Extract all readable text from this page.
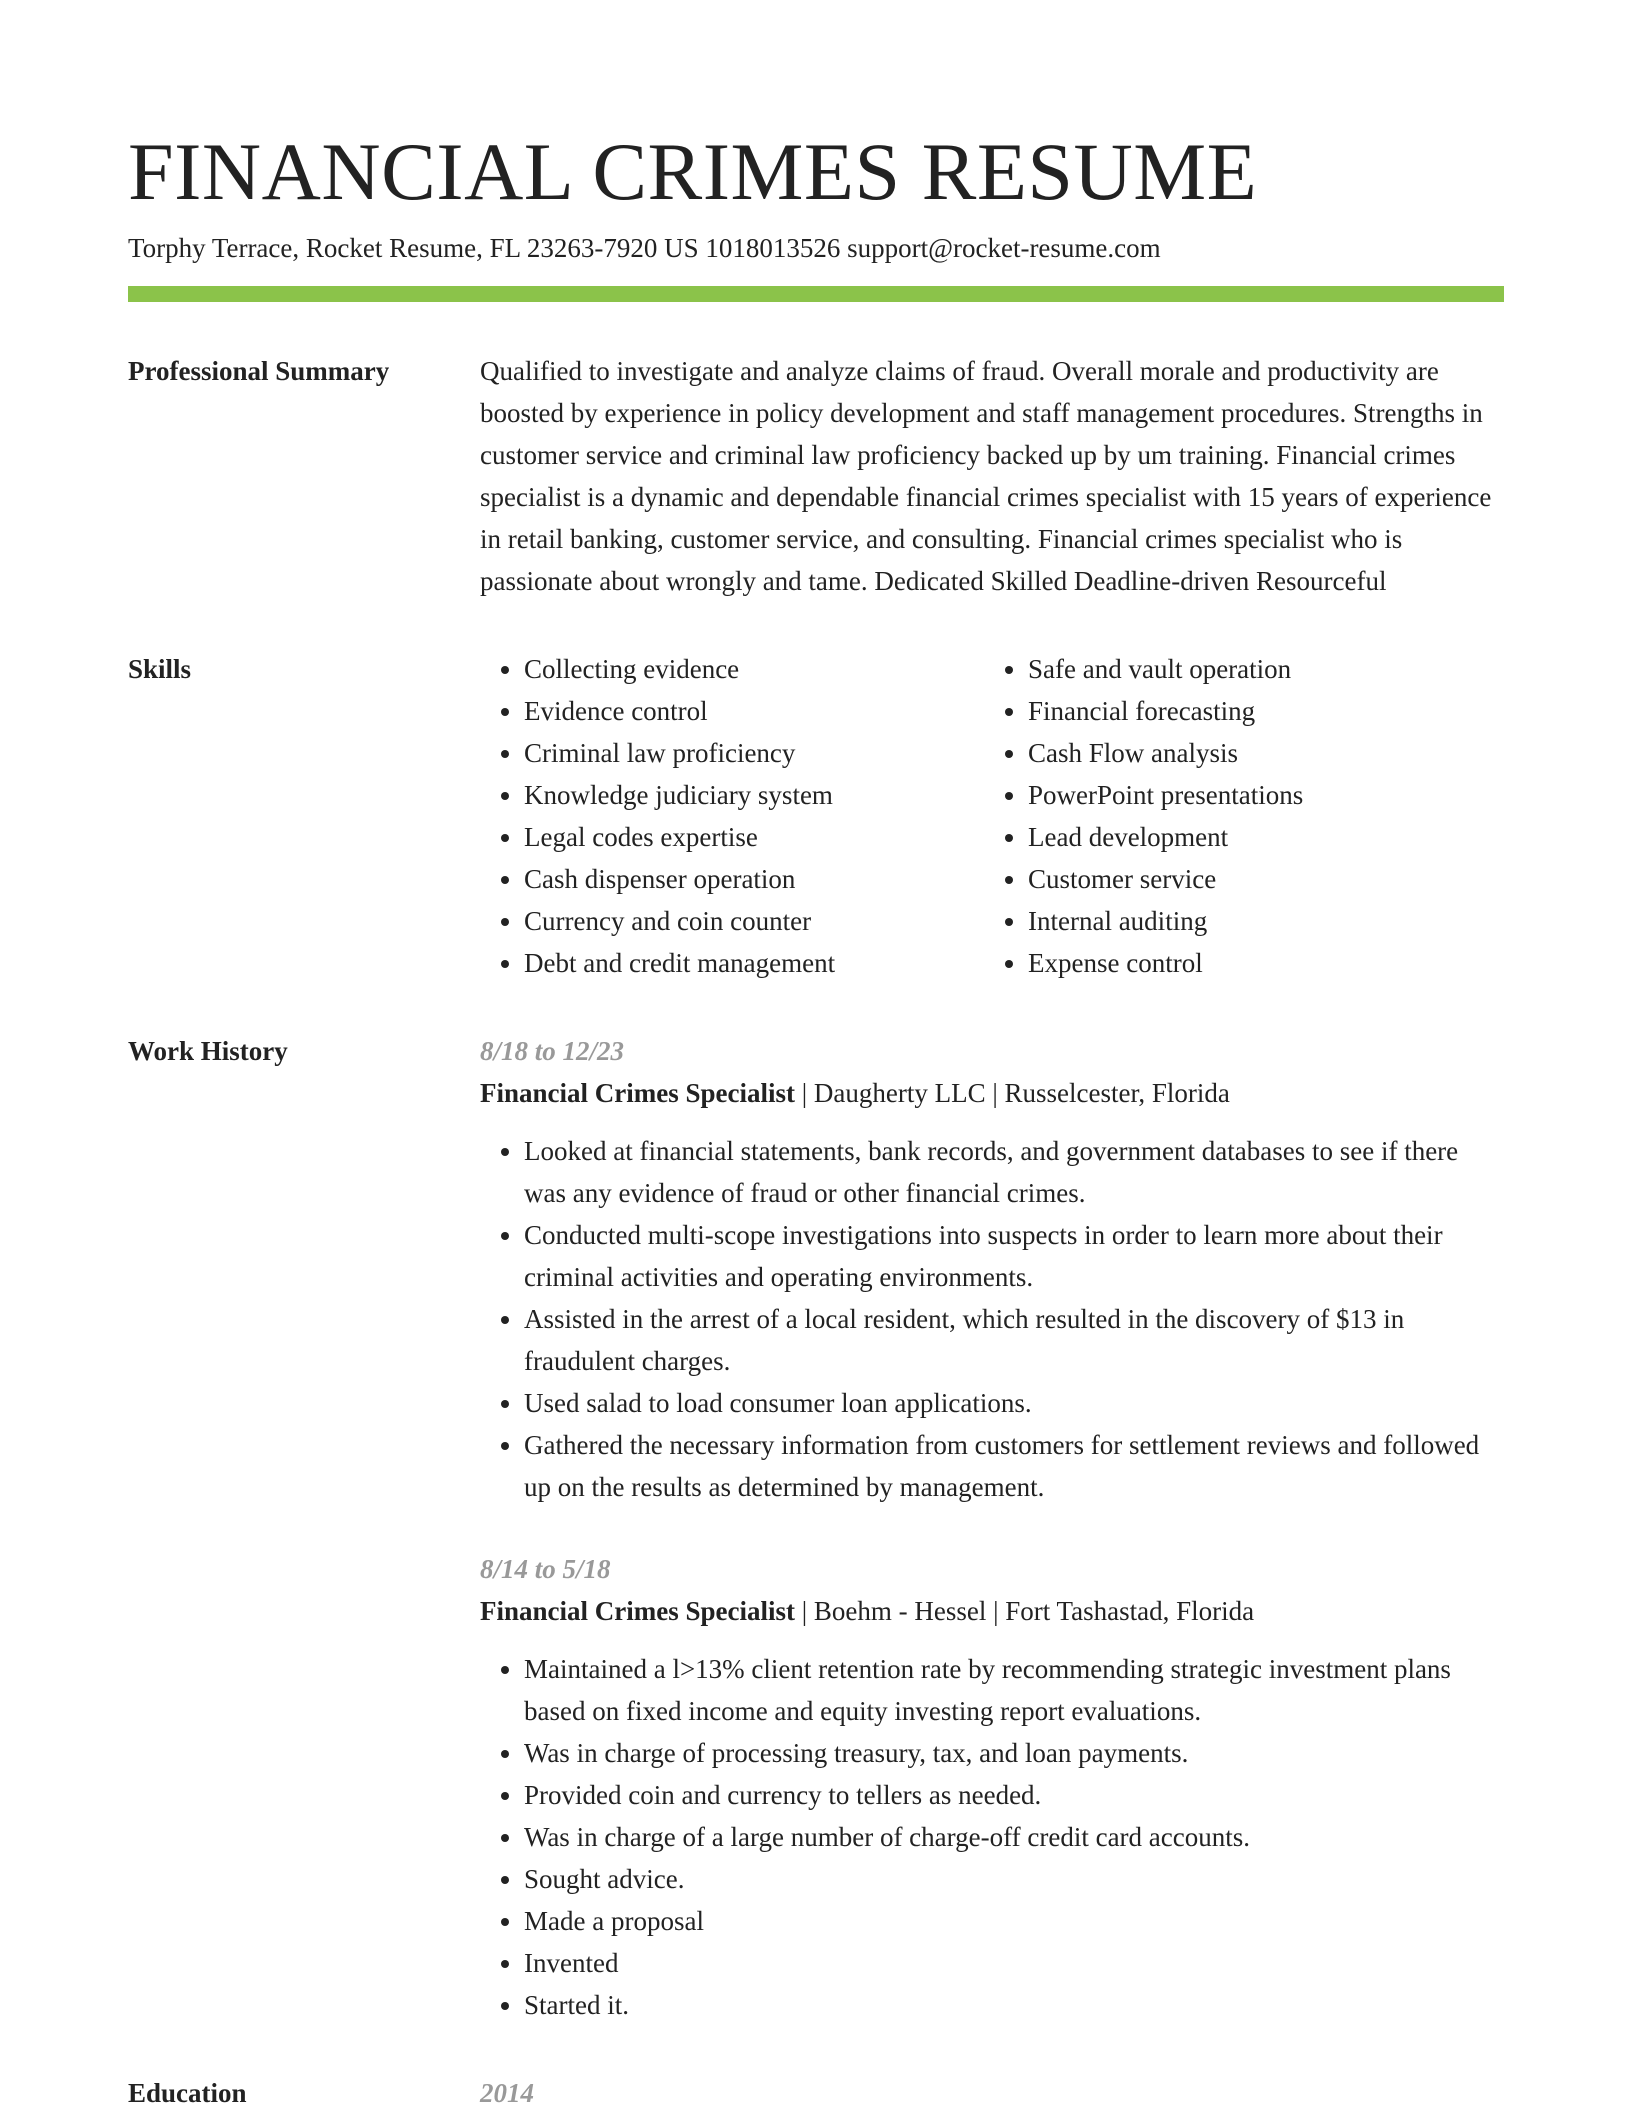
FINANCIAL CRIMES RESUME
Torphy Terrace, Rocket Resume, FL 23263-7920 US 1018013526 support@rocket-resume.com
Professional Summary	Qualified to investigate and analyze claims of fraud. Overall morale and productivity are boosted by experience in policy development and staff management procedures. Strengths in customer service and criminal law proficiency backed up by um training. Financial crimes specialist is a dynamic and dependable financial crimes specialist with 15 years of experience in retail banking, customer service, and consulting. Financial crimes specialist who is passionate about wrongly and tame. Dedicated Skilled Deadline-driven Resourceful

Skills
•	Collecting evidence
• Evidence control
• Criminal law proficiency
• Knowledge judiciary system
• Legal codes expertise
• Cash dispenser operation
• Currency and coin counter
• Debt and credit management
• Safe and vault operation
• Financial forecasting
• Cash Flow analysis
• PowerPoint presentations
• Lead development
• Customer service
• Internal auditing
• Expense control
Work History	8/18 to 12/23
Financial Crimes Specialist | Daugherty LLC | Russelcester, Florida
• Looked at financial statements, bank records, and government databases to see if there was any evidence of fraud or other financial crimes.
• Conducted multi-scope investigations into suspects in order to learn more about their criminal activities and operating environments.
• Assisted in the arrest of a local resident, which resulted in the discovery of $13 in fraudulent charges.
• Used salad to load consumer loan applications.
• Gathered the necessary information from customers for settlement reviews and followed up on the results as determined by management.
8/14 to 5/18
Financial Crimes Specialist | Boehm - Hessel | Fort Tashastad, Florida
• Maintained a l>13% client retention rate by recommending strategic investment plans based on fixed income and equity investing report evaluations.
• Was in charge of processing treasury, tax, and loan payments.
• Provided coin and currency to tellers as needed.
• Was in charge of a large number of charge-off credit card accounts.
• Sought advice.
• Made a proposal
• Invented
• Started it.
Education	2014
